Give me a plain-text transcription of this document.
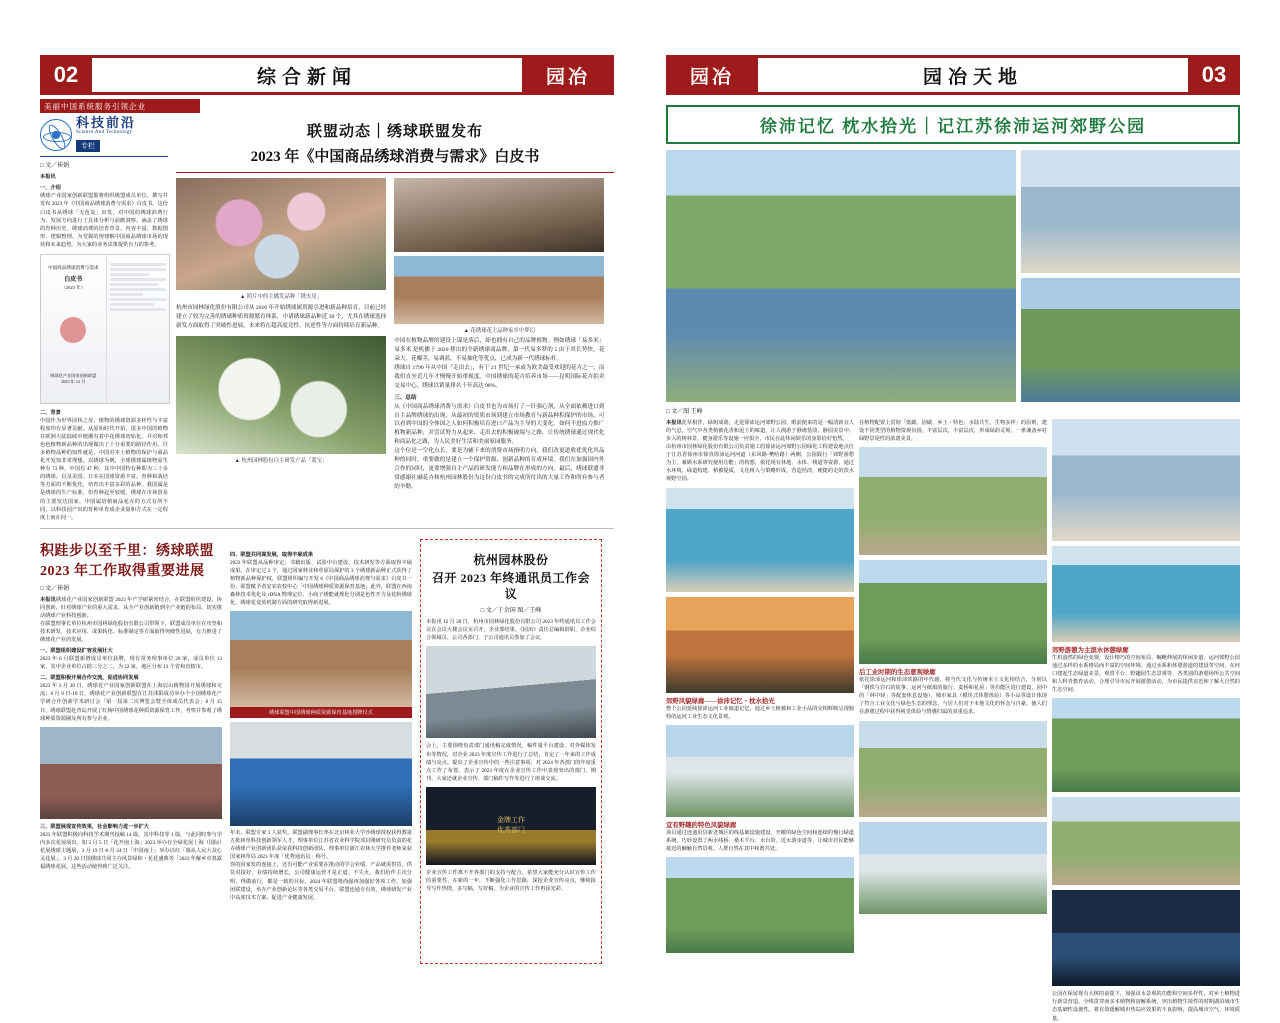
02	综合新闻	园冶
美丽中国系统服务引领企业
科技前沿
Science And Technology
专栏
□ 文／崔娟
本报讯
一、介绍
绣球产业国家创新联盟即将组织级盟成员单位，撰写并发布 2023 年《中国商品绣球消费与需求》白皮书。这份白皮书从绣球「无苞复」出发，对中国的绣球消费行为、发展方向进行了具体分析与前瞻洞察。涵盖了绣球的育种历史、绣球消费的培育背景、内容丰富、数据图形、逻辑整理。为堂握的规律解中国商品绣球市场的现状和未来趋势，为大家的业务决策提供有力的参考。
中国商品绣球消费与需求
白皮书
（2023 年）
绣球花产业国家创新联盟
2023 年 12 月
二、背景
中国作为世界园林之母，植物的绣球资源多样性与丰富程度均有显著贡献。从原始时代开始，很多中国的植物在欧洲大陆陆续中便潮有着中花绣球初始化，并对和邦色色植物新品种的出现做出了十分重要的路径作用。许多植物品种的知性就是，中国对本土植物的保护与商品化开发知非常理想。以绣球为例，全球绣球属植物原生种有 73 种，中国有 47 种，其中中国特有种即为三十多的绣球，以及美国、日本在国球资源丰富。育种和栽培等方面的不断优化，培育出丰富多彩的品种。我国属是是绣球的生产标准，但育种起至较缓，绣球在市场贸易的主要发达国家。中国属培植商品花卉的方式有所不同，以科技园产出的育种单育成企业量和方式在一定程度上而在同一。
联盟动态｜绣球联盟发布
2023 年《中国商品绣球消费与需求》白皮书
▲ 照片中的主播发品种「绣火星」
杭州市园林绿化股份有限公司从 2016 年开始绣球属资源引进和新品种培育，目前已经建立了较为完善的绣球种质资源繁育体系，中诸绣球新品种近 30 个，尤其在绣球选择新发方面取得了突破性进展，未来将在超高度竞性、抗逆性等方面持续培育新品种。
▲ 杭州园林股份白主研发产品「蓝宝」
▲ 花绣球花主品种家乡中梦幻
中国在植物品牌的建设上谋是落后，却也拥有自己的品牌植物。例如绣球「易多米」易多米 是机播于 2020 排出的全新绣球商品牌，第一代易多梦的 5 由于其长势快，花朵大，花瓣茎，易调蓝，不易抽化等优点，已成为新一代绣球标杆。
绣球自 1790 年从中国「走出去」，有于 21 世纪一承或为欧美最受欢迎的花卉之一，而我们直至近几年才慢慢开始重视度。中国绣球的花卉培养市场——昆明国际花卉拍卖交易中心，绣球以销量排名十年高达 98%。
三、总结
从《中国商品绣球消费与需求》白皮书也为市场打了一针强心剂，从全面依赖进口到自主品牌绣球的出现，从最初的资质市场到建立市场教育与新品种积保护的市场，可以看到中国的全体国之人如何积极培育进口产品为主导的大变化。如何不进血力推广植物新品种，并尝试努力从起来、走出去的积极破端与之路，让传统绣球通过现代化和商品化之路，为人民美好生活和美丽家园服务。
这个位是一空化点长，要是为辅下来的消费市场指明方向。我们改更道收优优化其品种的同时，重要做的是建立一个保护资源、创新品种的育成环境。我们在加强国内外合作的同时，更要增强自主产品的研发能力和品牌在形成的方向。最后，绣球联盟非常感谢社融花卉和杭州园林股份为这份白皮书的完成所付出的大量工作和所有参与者的辛勤。
积跬步以至千里：绣球联盟 2023 年工作取得重要进展
□ 文／崔娟
本报讯绣球花产业国家创新联盟 2023 年产学研紧密结合，在联盟组织建设、协同创新、针对绣球产业的重大需求，从全产业创新链到全产业链的布局，切实推动绣球产业科技创新。
在联盟理事长单位杭州市园林绿化股份有限公司带领下，联盟成员单位在攻坚和技术研发、技术应用、成果转化、标准制定等方面取得突破性进展，有力推进了绣球花产业的发展。
一、联盟组织建设扩容发展壮大
2023 年 6 月联盟新增成员单位获牌，现有常务理事单位 20 家，成员单位 13 家，其中企业单位占据三分之二，为 22 家，地区分布 13 个省和直辖市。
二、联盟积极开展合作交流，促进协同发展
2023 年 3 月 30 日，绣球花产业国家创新联盟在上海辰山植物园开展绣球和交流；6 月 9 日-10 日，绣球花产业创新联盟在江苏沭阳成功举办个全国绣球花产学研合作创新学术研讨会「第一届第二次博览会暨全体成员代表会」8 月 15 日，绣球联盟赴青岛开展了红梅中国绣球花种质资源保育工作，考察并参观了绣球种质资源圃及所有参与企业。
三、联盟展现宣传效果，社会影响力进一步扩大
2023 年联盟积极向科技学术期刊投稿 14 篇，其中科技等 1 篇，与此同时参与学内多次花展展出，如 5 月 5 日「花开南上海」2023 举办在全绿花展上海（国际）花展绣球主题展，3 月 19 日-6 月 24 日「中国南上」举办以红「幕从人民大众心灵花展」，3 月 20 日国绣球共同主办风景绿和・花花盛典等「2023 年解乡市墓露福绣球花展。这些活动使得到广泛关注。
四、联盟共同谋发展，取得丰硕成果
2023 年联盟从品种审定、书籍出版、试验中台建设、技术研发等方面取得丰硕成果。在审定过 2 个，通过国家林业和草原局保护的 3 个绣球新品种正式获得了植物新品种保护权，联盟组织编写开发 6《中国商品绣球消费与需求》白皮书一份。联盟赋予者安农农校中心「中国绣球种质资源保育基地」此外，联盟在西南森林技术优化及 rDNA 物理定位，小商子绣能就规化分别是色性开力及花粉绣球化、绣球花变蓝机制方面的研究取得新进展。
绣球联盟中国绣球种质资源保育基地授牌仪式
年末，联盟专家 3 人获奖。联盟副理事长率在北京林业大学沙绣球授权获得教第五批林草科技创新领军人才，理事单位江苏省农业科学院邓启刚研究员负责的花卉绣球产业创新团队获荣获科技创新团队，理事单位浙江农林大学推荐老师荣获国家林草局 2023 年度「优秀通讯员」称号。
你的因家发的连接上，还有可能产业需要在推动的学会业绩，产品就需供货，供货对接好，业绩持续增长，公司健康运营才是正道。不失火，我们给作主次分明，得做前行，都是一致的目标，2024 年联盟将尚强再加强好各项工作，加强团联建设，举办产业创新论坛等各类交易平台，联盟连通专有效，绣球研发产业中高度技术方案，促进产业健康发展。
杭州园林股份
召开 2023 年终通讯员工作会议
□ 文／于余国 图／王峰
本报讯 12 月 20 日，杭州市园林绿化股份有限公司 2023 年终通讯员工作会议在会议大楼会议室召开。企业部结果、《园冶》责任总编辑辞职，企业综合领域员、公司各部门、子公司通讯员参加了会议。
会上，主要围绕负责部门通讯稿完成情况、稿件量平台建设、对外媒体发布等情况，对企业 2023 年度宣传工作进行了总结，肯定了一年来的工作成绩与亮点。提出了企业宣传中的一些注意事项；对 2024 年各部门的年度重点工作了布置。表示了 2023 年度在企业宣传工作中表现突出的部门、期刊，大家还就企业宣传、部门稿件写作等进行了座谈交流。
金牌工作
优秀部门
企业宣传工作离不开各部门的支持与配合，希望大家能充分认识宣传工作的重要性，在新的一年，不断强化工作思路，深挖企业宣传亮点，继续报导写作热情，多写稿，写好稿，为企业的宣传工作再添光彩。
园冶	园冶天地	03
徐沛记忆 枕水拾光｜记江苏徐沛运河郊野公园
□ 文／图 王峰
本报讯花草相伴，绿树成荫，走进徐沛运河郊野公园，眼前便来的是一幅清新宜人的气息，空气中各类植被花香和泥土的味道，让人漫游于静谧恬淡、静园美景中；步入的树林景，健身游乐等设施一应俱全，市民在此休闲娱乐的身影恰好怡然。
由杭州市园林绿化股份有限公司负责施工的徐沛运河郊野公园绿化工程建设地点位于江苏省徐州市徐直徐沛运河河道（东风路-樊哈路）两侧，公园践行「郊野游憩为主，兼顾水系研究使用功能」的构想，依托现有林地、水体、栈道等资源，通过水环境、绿道构建、植被提质，文化植入与策略形成，营造恬淡、便捷的走的淡水观野空园。
郊野风貌绿廊——徐沛记忆・枕水拾光
整个公园延续徐沛运河工业廊道记忆，通过乡土植被和工业小品的交相辉映呈现独特的运河工业生态文化景观。
宜有野趣的特色风貌绿廊
项目通过连通沿县新老城区的线基础设施建设，开敞的绿色空间和连续的慢行绿道系统，巧妙设置了两水线桥、桑木平台、水台阶、近水游步道等，让城市居民能够接近的触触自然景观。人群自然在其中和谐共处。
在植物配置上贯彻「低碳、固碳、乡土・特色、水陆共生、生物多样」的原则，建设不同类型的植物资观氛围，丰富层次，丰富层次，形成绿韵灵境、一条兼备乡村绿野景堤性的浓荫美景。
后工业时期的生态意观绿廊
依托徐沛运河和徐沛铁路的年代感，将当代文化与传统本土文化相结合，分别以「钢铁与岩石的故事、运河与纸船的旅行、麦桥和花屋」等功能区进行建设，园中的「林中驿」等配套休息设施），城市家具（模块式休憩体验）等小品等设计体现了符合工业文化与绿色生态的理念，与居人们对于本地文化的怀念与自豪，使人们在游憩过程中获得视觉体验与情感归属的双重追求。
郊野游憩为主滨水休憩绿廊
生机盎然的绿色变观，设计精巧的空间布局，蜿蜒伸展的休闲步道、运河郊野公园通过多样的水系格局而丰富的空间环境。通过水系和休憩游道的建设等空间，在河口建起生态绿道美景。观赏平台、野趣园生态景观等，各类别的游憩场所公共空间和人科青教育活动，合理引导市民开展游憩活动，为市民提供亲近和了解大自然的生态空间。
公园在保留现有大树的前提下，加强该水景观的功能和空间多样性，对乡土植物进行新景营造，全线贯穿而多本植物和溶解系统，突出植物生境性的时期湖泊域市生态基础性设施性。将有效缓解城市热岛应效果的不良影响，提高城市空气、环境质量。
